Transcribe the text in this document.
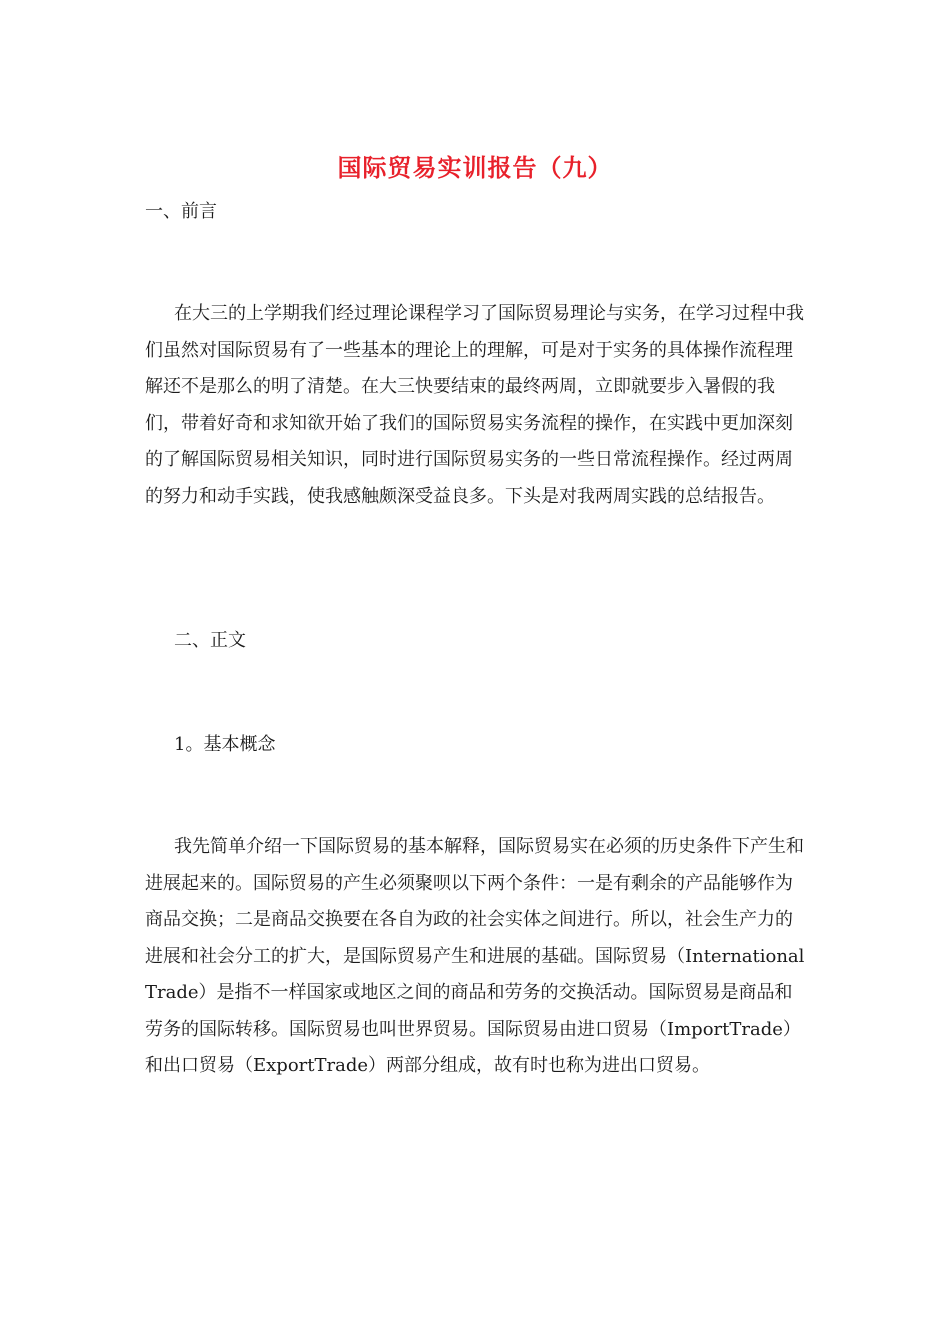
国际贸易实训报告（九）

一、前言

在大三的上学期我们经过理论课程学习了国际贸易理论与实务，在学习过程中我们虽然对国际贸易有了一些基本的理论上的理解，可是对于实务的具体操作流程理解还不是那么的明了清楚。在大三快要结束的最终两周，立即就要步入暑假的我们，带着好奇和求知欲开始了我们的国际贸易实务流程的操作，在实践中更加深刻的了解国际贸易相关知识，同时进行国际贸易实务的一些日常流程操作。经过两周的努力和动手实践，使我感触颇深受益良多。下头是对我两周实践的总结报告。

二、正文

1。基本概念

我先简单介绍一下国际贸易的基本解释，国际贸易实在必须的历史条件下产生和进展起来的。国际贸易的产生必须聚呗以下两个条件：一是有剩余的产品能够作为商品交换；二是商品交换要在各自为政的社会实体之间进行。所以，社会生产力的进展和社会分工的扩大，是国际贸易产生和进展的基础。国际贸易（InternationalTrade）是指不一样国家或地区之间的商品和劳务的交换活动。国际贸易是商品和劳务的国际转移。国际贸易也叫世界贸易。国际贸易由进口贸易（ImportTrade）和出口贸易（ExportTrade）两部分组成，故有时也称为进出口贸易。
